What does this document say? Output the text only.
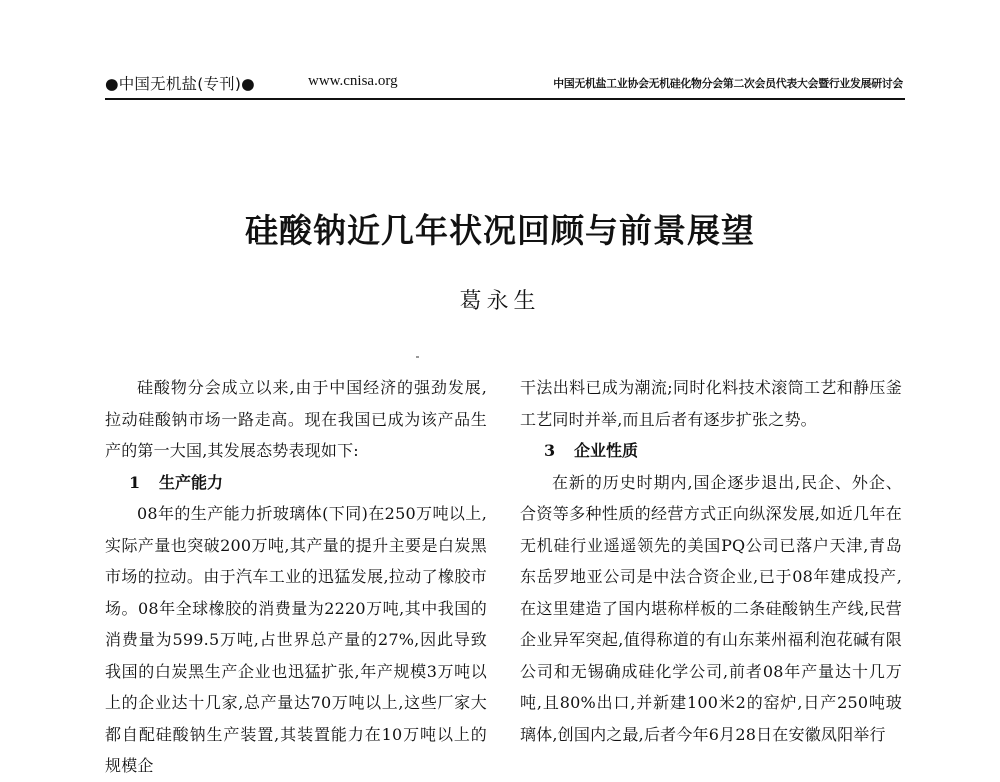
●中国无机盐(专刊)●	www.cnisa.org	中国无机盐工业协会无机硅化物分会第二次会员代表大会暨行业发展研讨会
硅酸钠近几年状况回顾与前景展望
葛永生

硅酸物分会成立以来,由于中国经济的强劲发展,拉动硅酸钠市场一路走高。现在我国已成为该产品生产的第一大国,其发展态势表现如下:

1 生产能力

08年的生产能力折玻璃体(下同)在250万吨以上,实际产量也突破200万吨,其产量的提升主要是白炭黑市场的拉动。由于汽车工业的迅猛发展,拉动了橡胶市场。08年全球橡胶的消费量为2220万吨,其中我国的消费量为599.5万吨,占世界总产量的27%,因此导致我国的白炭黑生产企业也迅猛扩张,年产规模3万吨以上的企业达十几家,总产量达70万吨以上,这些厂家大都自配硅酸钠生产装置,其装置能力在10万吨以上的规模企

干法出料已成为潮流;同时化料技术滚筒工艺和静压釜工艺同时并举,而且后者有逐步扩张之势。

3 企业性质

在新的历史时期内,国企逐步退出,民企、外企、合资等多种性质的经营方式正向纵深发展,如近几年在无机硅行业遥遥领先的美国PQ公司已落户天津,青岛东岳罗地亚公司是中法合资企业,已于08年建成投产,在这里建造了国内堪称样板的二条硅酸钠生产线,民营企业异军突起,值得称道的有山东莱州福利泡花碱有限公司和无锡确成硅化学公司,前者08年产量达十几万吨,且80%出口,并新建100米2的窑炉,日产250吨玻璃体,创国内之最,后者今年6月28日在安徽凤阳举行
